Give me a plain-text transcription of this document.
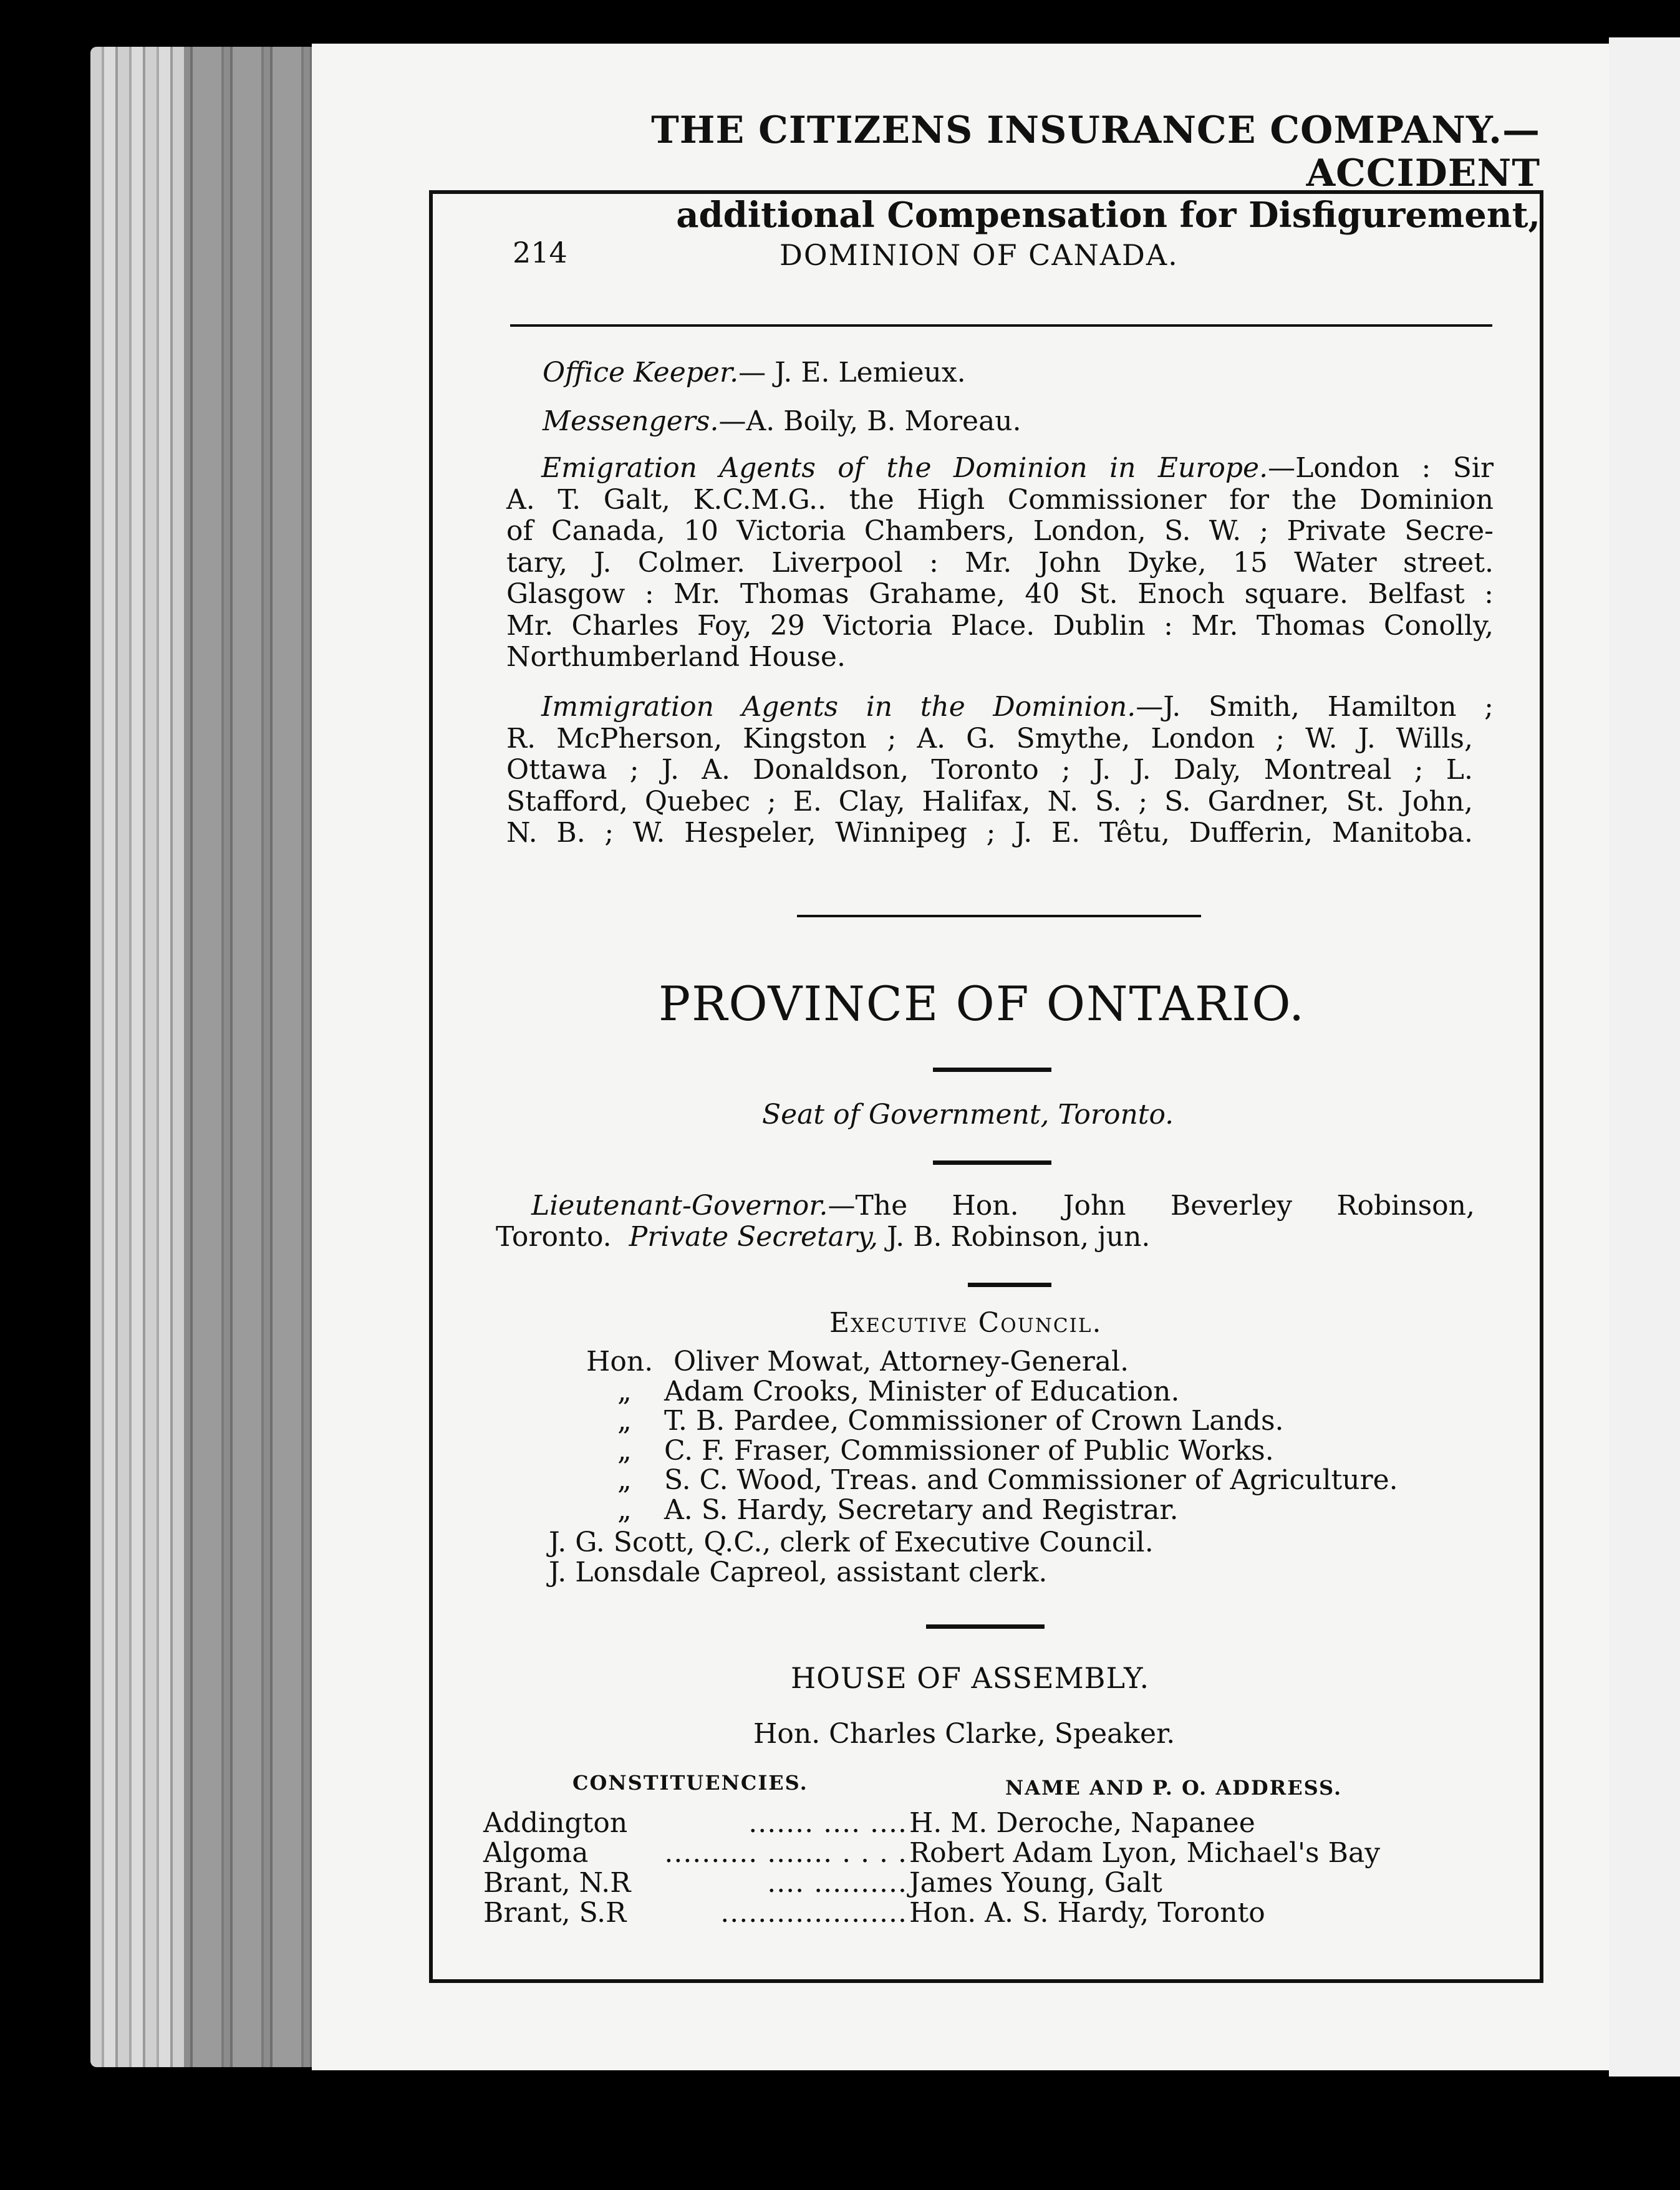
THE CITIZENS INSURANCE COMPANY.—ACCIDENT
additional Compensation for Disfigurement,
214	DOMINION OF CANADA.
Office Keeper.— J. E. Lemieux.
Messengers.—A. Boily, B. Moreau.
Emigration Agents of the Dominion in Europe.—London : Sir
A. T. Galt, K.C.M.G.. the High Commissioner for the Dominion
of Canada, 10 Victoria Chambers, London, S. W. ; Private Secre-
tary, J. Colmer. Liverpool : Mr. John Dyke, 15 Water street.
Glasgow : Mr. Thomas Grahame, 40 St. Enoch square. Belfast :
Mr. Charles Foy, 29 Victoria Place. Dublin : Mr. Thomas Conolly,
Northumberland House.
Immigration Agents in the Dominion.—J. Smith, Hamilton ;
R. McPherson, Kingston ; A. G. Smythe, London ; W. J. Wills,
Ottawa ; J. A. Donaldson, Toronto ; J. J. Daly, Montreal ; L.
Stafford, Quebec ; E. Clay, Halifax, N. S. ; S. Gardner, St. John,
N. B. ; W. Hespeler, Winnipeg ; J. E. Têtu, Dufferin, Manitoba.
PROVINCE OF ONTARIO.
Seat of Government, Toronto.
Lieutenant-Governor.—The Hon. John Beverley Robinson,
Toronto. Private Secretary, J. B. Robinson, jun.
Executive Council.
Hon. Oliver Mowat, Attorney-General.
„ Adam Crooks, Minister of Education.
„ T. B. Pardee, Commissioner of Crown Lands.
„ C. F. Fraser, Commissioner of Public Works.
„ S. C. Wood, Treas. and Commissioner of Agriculture.
„ A. S. Hardy, Secretary and Registrar.
J. G. Scott, Q.C., clerk of Executive Council.
J. Lonsdale Capreol, assistant clerk.
HOUSE OF ASSEMBLY.
Hon. Charles Clarke, Speaker.
CONSTITUENCIES.	NAME AND P. O. ADDRESS.
Addington	....... .... .... H. M. Deroche, Napanee
Algoma	.......... ....... . . . . Robert Adam Lyon, Michael's Bay
Brant, N.R	.... .......... James Young, Galt
Brant, S.R	.................... Hon. A. S. Hardy, Toronto
